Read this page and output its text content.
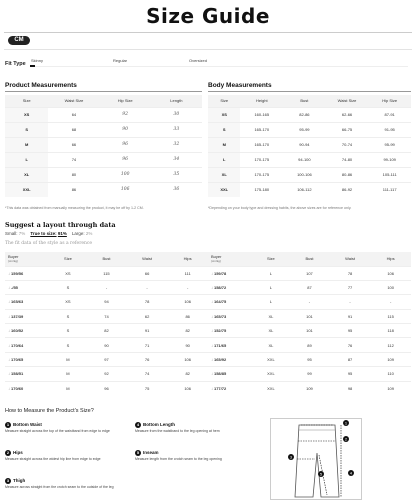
Size Guide
CM
Fit Type
Skinny	Regular	Oversized
Product Measurements
Size	Waist Size	Hip Size	Length
XS	64	92	30
S	68	90	33
M	66	96	32
L	74	96	34
XL	80	100	35
XXL	86	106	36
*This data was obtained from manually measuring the product, it may be off by 1-2 CM.
Body Measurements
Size	Height	Bust	Waist Size	Hip Size
XS	160-165	82-86	62-66	87-91
S	165-170	95-99	66-75	91-95
M	165-170	90-94	70-74	95-99
L	170-175	94-100	74-80	99-109
XL	170-175	100-106	80-86	105-111
XXL	175-180	106-112	86-92	111-117
*Depending on your body type and dressing habits, the above sizes are for reference only.
Suggest a layout through data
Small: 7% True to size: 91% Large: 2%
The fit data of the style as a reference
Buyer
(cm/kg)	Size	Bust	Waist	Hips	Buyer
(cm/kg)	Size	Bust	Waist	Hips
↓159/56	XS	115	66	111	↓159/78	L	107	78	106
↓-/55	S	-	-	-	↓158/72	L	87	77	100
↓165/63	XS	94	78	106	↓164/75	L	-	-	-
↓137/39	S	74	62	86	↓165/73	XL	101	91	115
↓160/52	S	82	91	82	↓152/75	XL	101	95	118
↓170/64	S	90	71	90	↓171/65	XL	89	76	112
↓170/65	M	97	76	106	↓165/92	XXL	95	87	109
↓158/51	M	92	74	82	↓158/85	XXL	99	95	110
↓170/60	M	96	75	106	↓177/72	XXL	109	98	109
How to Measure the Product's Size?
1 Bottom Waist
Measure straight across the top of the waistband from edge to edge
2 Hips
Measure straight across the widest hip line from edge to edge
3 Thigh
Measure across straight from the crotch seam to the outside of the leg
4 Bottom Length
Measure from the waistband to the leg opening at hem
5 Inseam
Measure length from the crotch seam to the leg opening
1
2
3
4
5
